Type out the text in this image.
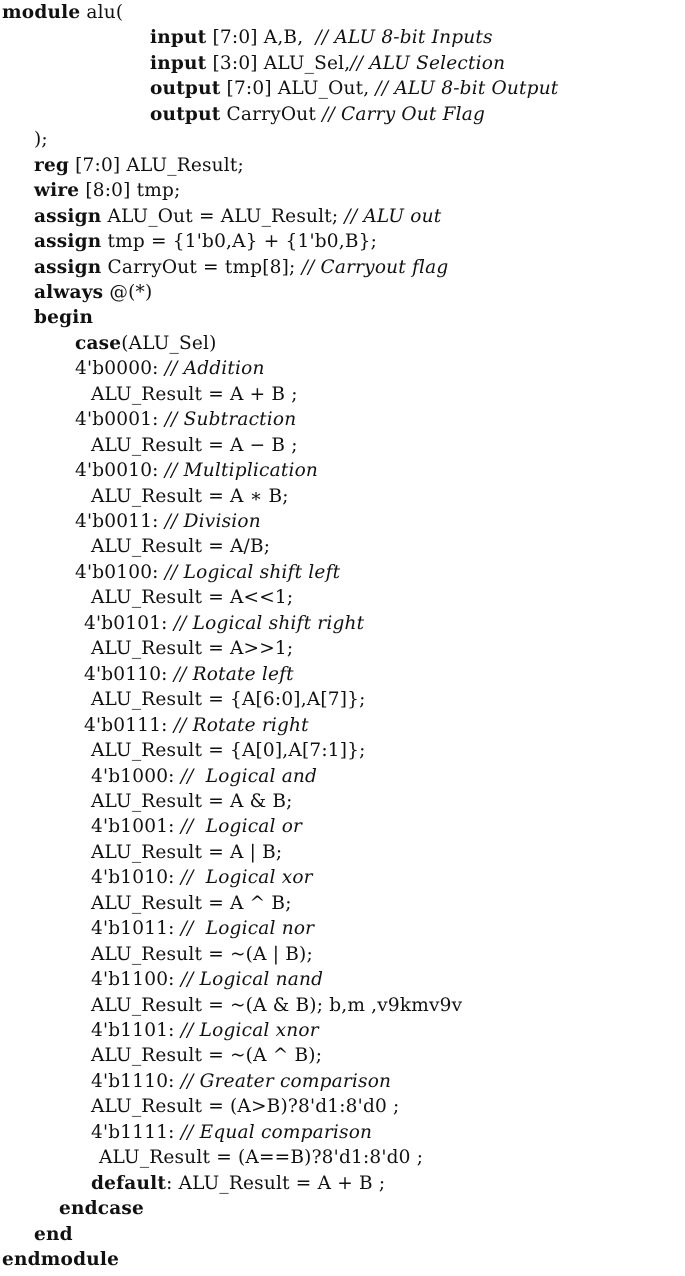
module alu(
input [7:0] A,B,  // ALU 8-bit Inputs
input [3:0] ALU_Sel,// ALU Selection
output [7:0] ALU_Out, // ALU 8-bit Output
output CarryOut // Carry Out Flag
);
reg [7:0] ALU_Result;
wire [8:0] tmp;
assign ALU_Out = ALU_Result; // ALU out
assign tmp = {1'b0,A} + {1'b0,B};
assign CarryOut = tmp[8]; // Carryout flag
always @(*)
begin
case(ALU_Sel)
4'b0000: // Addition
ALU_Result = A + B ;
4'b0001: // Subtraction
ALU_Result = A − B ;
4'b0010: // Multiplication
ALU_Result = A ∗ B;
4'b0011: // Division
ALU_Result = A/B;
4'b0100: // Logical shift left
ALU_Result = A<<1;
4'b0101: // Logical shift right
ALU_Result = A>>1;
4'b0110: // Rotate left
ALU_Result = {A[6:0],A[7]};
4'b0111: // Rotate right
ALU_Result = {A[0],A[7:1]};
4'b1000: //  Logical and
ALU_Result = A & B;
4'b1001: //  Logical or
ALU_Result = A | B;
4'b1010: //  Logical xor
ALU_Result = A ^ B;
4'b1011: //  Logical nor
ALU_Result = ~(A | B);
4'b1100: // Logical nand
ALU_Result = ~(A & B); b,m ,v9kmv9v
4'b1101: // Logical xnor
ALU_Result = ~(A ^ B);
4'b1110: // Greater comparison
ALU_Result = (A>B)?8'd1:8'd0 ;
4'b1111: // Equal comparison
ALU_Result = (A==B)?8'd1:8'd0 ;
default: ALU_Result = A + B ;
endcase
end
endmodule
